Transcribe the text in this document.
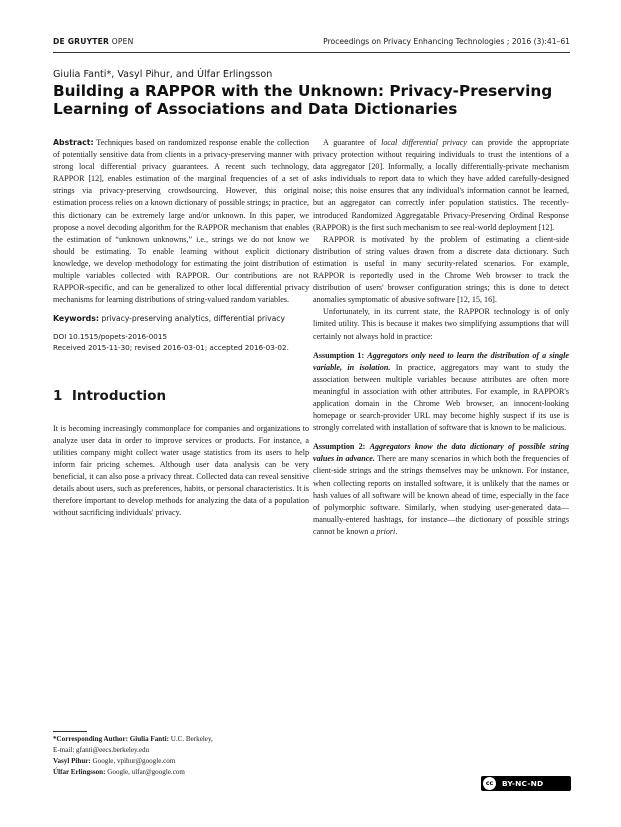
DE GRUYTER OPEN	Proceedings on Privacy Enhancing Technologies ; 2016 (3):41–61
Giulia Fanti*, Vasyl Pihur, and Úlfar Erlingsson
Building a RAPPOR with the Unknown: Privacy-Preserving Learning of Associations and Data Dictionaries

Abstract: Techniques based on randomized response enable the collection of potentially sensitive data from clients in a privacy-preserving manner with strong local differential privacy guarantees. A recent such technology, RAPPOR [12], enables estimation of the marginal frequencies of a set of strings via privacy-preserving crowdsourcing. However, this original estimation process relies on a known dictionary of possible strings; in practice, this dictionary can be extremely large and/or unknown. In this paper, we propose a novel decoding algorithm for the RAPPOR mechanism that enables the estimation of “unknown unknowns,” i.e., strings we do not know we should be estimating. To enable learning without explicit dictionary knowledge, we develop methodology for estimating the joint distribution of multiple variables collected with RAPPOR. Our contributions are not RAPPOR-specific, and can be generalized to other local differential privacy mechanisms for learning distributions of string-valued random variables.

Keywords: privacy-preserving analytics, differential privacy

DOI 10.1515/popets-2016-0015
Received 2015-11-30; revised 2016-03-01; accepted 2016-03-02.

1 Introduction

It is becoming increasingly commonplace for companies and organizations to analyze user data in order to improve services or products. For instance, a utilities company might collect water usage statistics from its users to help inform fair pricing schemes. Although user data analysis can be very beneficial, it can also pose a privacy threat. Collected data can reveal sensitive details about users, such as preferences, habits, or personal characteristics. It is therefore important to develop methods for analyzing the data of a population without sacrificing individuals' privacy.

A guarantee of local differential privacy can provide the appropriate privacy protection without requiring individuals to trust the intentions of a data aggregator [20]. Informally, a locally differentially-private mechanism asks individuals to report data to which they have added carefully-designed noise; this noise ensures that any individual's information cannot be learned, but an aggregator can correctly infer population statistics. The recently-introduced Randomized Aggregatable Privacy-Preserving Ordinal Response (RAPPOR) is the first such mechanism to see real-world deployment [12].

RAPPOR is motivated by the problem of estimating a client-side distribution of string values drawn from a discrete data dictionary. Such estimation is useful in many security-related scenarios. For example, RAPPOR is reportedly used in the Chrome Web browser to track the distribution of users' browser configuration strings; this is done to detect anomalies symptomatic of abusive software [12, 15, 16].

Unfortunately, in its current state, the RAPPOR technology is of only limited utility. This is because it makes two simplifying assumptions that will certainly not always hold in practice:

Assumption 1: Aggregators only need to learn the distribution of a single variable, in isolation. In practice, aggregators may want to study the association between multiple variables because attributes are often more meaningful in association with other attributes. For example, in RAPPOR's application domain in the Chrome Web browser, an innocent-looking homepage or search-provider URL may become highly suspect if its use is strongly correlated with installation of software that is known to be malicious.

Assumption 2: Aggregators know the data dictionary of possible string values in advance. There are many scenarios in which both the frequencies of client-side strings and the strings themselves may be unknown. For instance, when collecting reports on installed software, it is unlikely that the names or hash values of all software will be known ahead of time, especially in the face of polymorphic software. Similarly, when studying user-generated data—manually-entered hashtags, for instance—the dictionary of possible strings cannot be known a priori.

*Corresponding Author: Giulia Fanti: U.C. Berkeley,

E-mail: gfanti@eecs.berkeley.edu

Vasyl Pihur: Google, vpihur@google.com

Úlfar Erlingsson: Google, ulfar@google.com

cc	BY-NC-ND
